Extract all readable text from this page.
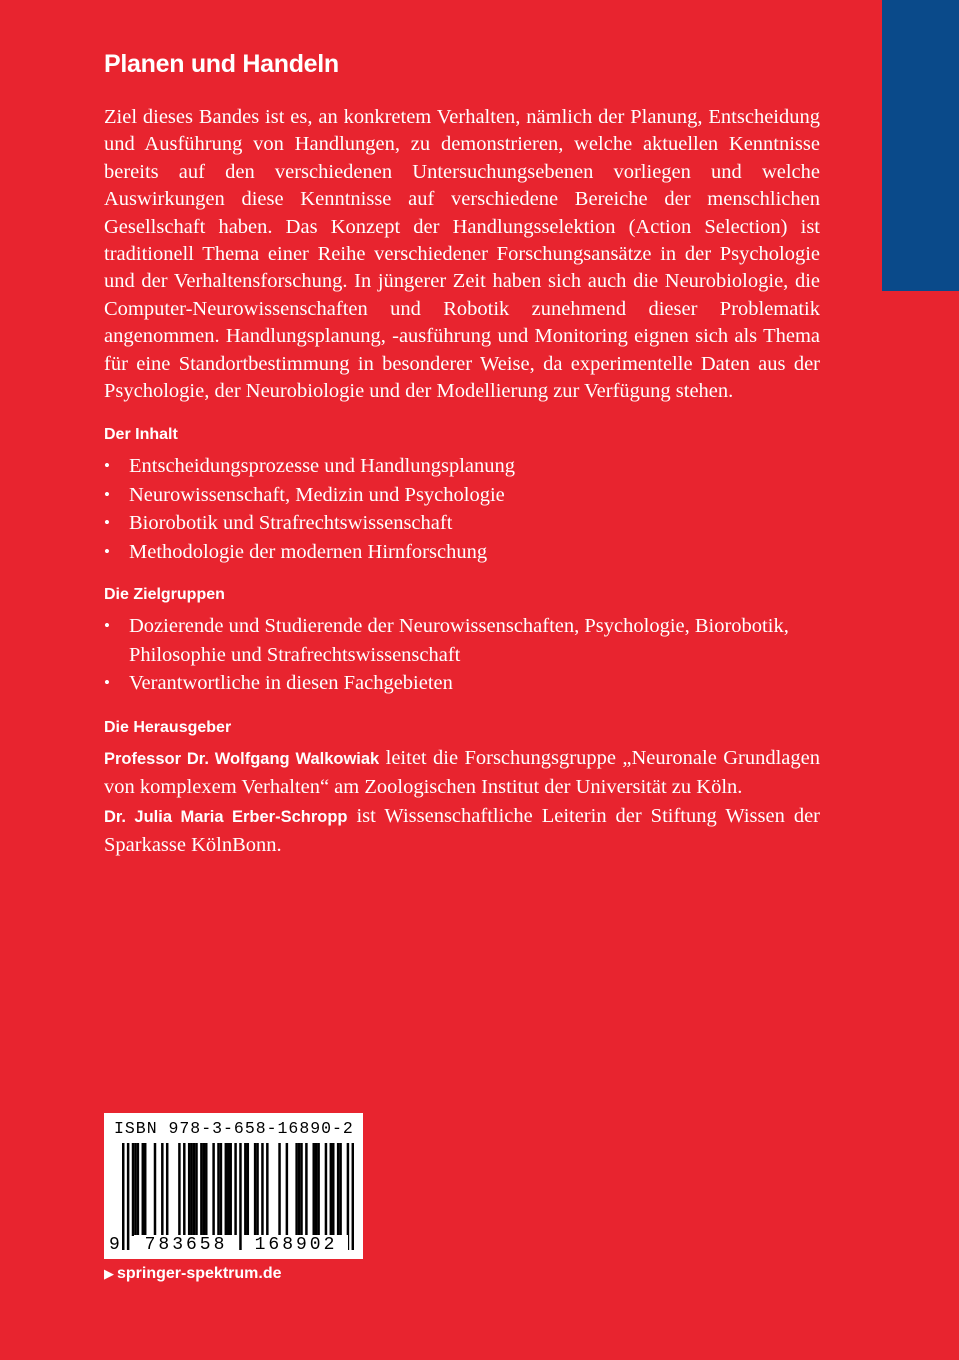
Planen und Handeln

Ziel dieses Bandes ist es, an konkretem Verhalten, nämlich der Planung, Entscheidung und Ausführung von Handlungen, zu demonstrieren, welche aktuellen Kenntnisse bereits auf den verschiedenen Untersuchungsebenen vorliegen und welche Auswirkungen diese Kenntnisse auf verschiedene Bereiche der menschlichen Gesellschaft haben. Das Konzept der Handlungsselektion (Action Selection) ist traditionell Thema einer Reihe verschiedener Forschungsansätze in der Psychologie und der Verhaltensforschung. In jüngerer Zeit haben sich auch die Neurobiologie, die Computer-Neurowissenschaften und Robotik zunehmend dieser Problematik angenommen. Handlungsplanung, -ausführung und Monitoring eignen sich als Thema für eine Standortbestimmung in besonderer Weise, da experimentelle Daten aus der Psychologie, der Neurobiologie und der Modellierung zur Verfügung stehen.

Der Inhalt
• Entscheidungsprozesse und Handlungsplanung
• Neurowissenschaft, Medizin und Psychologie
• Biorobotik und Strafrechtswissenschaft
• Methodologie der modernen Hirnforschung
Die Zielgruppen
• Dozierende und Studierende der Neurowissenschaften, Psychologie, Biorobotik, Philosophie und Strafrechtswissenschaft
• Verantwortliche in diesen Fachgebieten
Die Herausgeber

Professor Dr. Wolfgang Walkowiak leitet die Forschungsgruppe „Neuronale Grundlagen von komplexem Verhalten“ am Zoologischen Institut der Universität zu Köln.
Dr. Julia Maria Erber-Schropp ist Wissenschaftliche Leiterin der Stiftung Wissen der Sparkasse KölnBonn.

ISBN 978-3-658-16890-2
9	783658	168902
▶ springer-spektrum.de
